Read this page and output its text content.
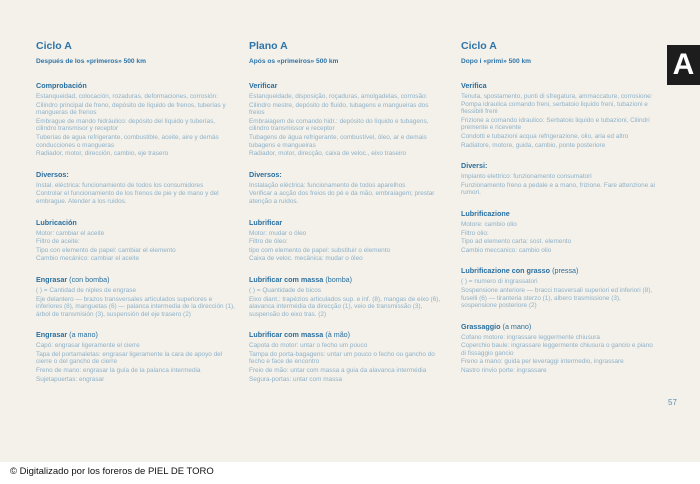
Ciclo A
Después de los «primeros» 500 km
Comprobación
Estanqueidad, colocación, rozaduras, deformaciones, corrosión:
Cilindro principal de freno, depósito de líquido de frenos, tuberías y mangueras de frenos
Embrague de mando hidráulico: depósito del líquido y tuberías, cilindro transmisor y receptor
Tuberías de agua refrigerante, combustible, aceite, aire y demás conducciones o mangueras
Radiador, motor, dirección, cambio, eje trasero
Diversos:
Instal. eléctrica: funcionamiento de todos los consumidores
Controlar el funcionamiento de los frenos de pie y de mano y del embrague. Atender a los ruidos.
Lubricación
Motor: cambiar el aceite
Filtro de aceite:
Tipo con elemento de papel: cambiar el elemento
Cambio mecánico: cambiar el aceite
Engrasar (con bomba)
( ) = Cantidad de niples de engrase
Eje delantero — brazos transversales articulados superiores e inferiores (8), manguetas (6) — palanca intermedia de la dirección (1), árbol de transmisión (3), suspensión del eje trasero (2)
Engrasar (a mano)
Capó: engrasar ligeramente el cierre
Tapa del portamaletas: engrasar ligeramente la cara de apoyo del cierre o del gancho de cierre
Freno de mano: engrasar la guía de la palanca intermedia
Sujetapuertas: engrasar
Plano A
Após os «primeiros» 500 km
Verificar
Estanqueidade, disposição, roçaduras, amolgadelas, corrosão:
Cilindro mestre, depósito do fluído, tubagens e mangueiras dos freios
Embraiagem de comando hidr.: depósito do líquido e tubagens, cilindro transmissor e receptor
Tubagens de água refrigerante, combustível, óleo, ar e demais tubagens e mangueiras
Radiador, motor, direcção, caixa de veloc., eixo traseiro
Diversos:
Instalação eléctrica: funcionamento de todos aparelhos
Verificar a acção dos freios do pé e da mão, embraiagem; prestar atenção a ruídos.
Lubrificar
Motor: mudar o óleo
Filtro de óleo:
tipo com elemento de papel: substituir o elemento
Caixa de veloc. mecânica: mudar o óleo
Lubrificar com massa (bomba)
( ) = Quantidade de bicos
Eixo diant.: trapézios articulados sup. e inf. (8), mangas de eixo (6), alavanca intermédia da direcção (1), veio de transmissão (3), suspensão do eixo tras. (2)
Lubrificar com massa (à mão)
Capota do motor: untar o fecho um pouco
Tampa do porta-bagagens: untar um pouco o fecho ou gancho do fecho e face de encontro
Freio de mão: untar com massa a guia da alavanca intermédia
Segura-portas: untar com massa
Ciclo A
Dopo i «primi» 500 km
Verifica
Tenuta, spostamento, punti di sfregatura, ammaccature, corrosione: Pompa idraulica comando freni, serbatoio liquido freni, tubazioni e flessibili freni
Frizione a comando idraulico: Serbatoio liquido e tubazioni, Cilindri premente e ricevente
Condotti e tubazioni acqua refrigerazione, olio, aria ed altro
Radiatore, motore, guida, cambio, ponte posteriore
Diversi:
Impianto elettrico: funzionamento consumatori
Funzionamento freno a pedale e a mano, frizione. Fare attenzione ai rumori.
Lubrificazione
Motore: cambio olio
Filtro olio:
Tipo ad elemento carta: sost. elemento
Cambio meccanico: cambio olio
Lubrificazione con grasso (pressa)
( ) = numero di ingrassatori
Sospensione anteriore — bracci trasversali superiori ed inferiori (8), fuselli (6) — tiranteria sterzo (1), albero trasmissione (3), sospensione posteriore (2)
Grassaggio (a mano)
Cofano motore: ingrassare leggermente chiusura
Coperchio baule: ingrassare leggermente chiusura o gancio e piano di fissaggio gancio
Freno a mano: guida per leveraggi intermedio, ingrassare
Nastro rinvio porte: ingrassare
A
57
© Digitalizado por los foreros de PIEL DE TORO
